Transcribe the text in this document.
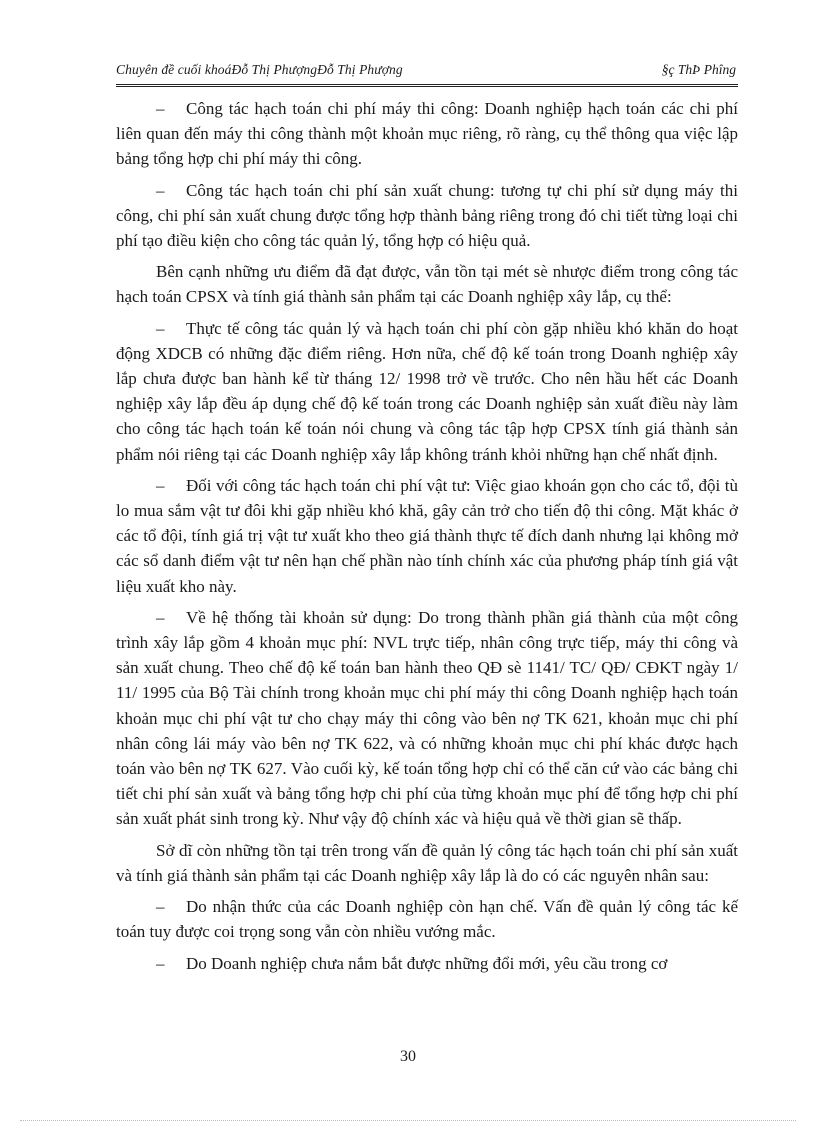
Chuyên đề cuối khoáĐỗ Thị PhượngĐỗ Thị Phượng	§ç ThÞ Phîng

– Công tác hạch toán chi phí máy thi công: Doanh nghiệp hạch toán các chi phí liên quan đến máy thi công thành một khoản mục riêng, rõ ràng, cụ thể thông qua việc lập bảng tổng hợp chi phí máy thi công.

– Công tác hạch toán chi phí sản xuất chung: tương tự chi phí sử dụng máy thi công, chi phí sản xuất chung được tổng hợp thành bảng riêng trong đó chi tiết từng loại chi phí tạo điều kiện cho công tác quản lý, tổng hợp có hiệu quả.

Bên cạnh những ưu điểm đã đạt được, vẫn tồn tại mét sè nhược điểm trong công tác hạch toán CPSX và tính giá thành sản phẩm tại các Doanh nghiệp xây lắp, cụ thể:

– Thực tế công tác quản lý và hạch toán chi phí còn gặp nhiều khó khăn do hoạt động XDCB có những đặc điểm riêng. Hơn nữa, chế độ kế toán trong Doanh nghiệp xây lắp chưa được ban hành kể từ tháng 12/ 1998 trở về trước. Cho nên hầu hết các Doanh nghiệp xây lắp đều áp dụng chế độ kế toán trong các Doanh nghiệp sản xuất điều này làm cho công tác hạch toán kế toán nói chung và công tác tập hợp CPSX tính giá thành sản phẩm nói riêng tại các Doanh nghiệp xây lắp không tránh khỏi những hạn chế nhất định.

– Đối với công tác hạch toán chi phí vật tư: Việc giao khoán gọn cho các tổ, đội tù lo mua sắm vật tư đôi khi gặp nhiều khó khă, gây cản trở cho tiến độ thi công. Mặt khác ở các tổ đội, tính giá trị vật tư xuất kho theo giá thành thực tế đích danh nhưng lại không mở các sổ danh điểm vật tư nên hạn chế phần nào tính chính xác của phương pháp tính giá vật liệu xuất kho này.

– Về hệ thống tài khoản sử dụng: Do trong thành phần giá thành của một công trình xây lắp gồm 4 khoản mục phí: NVL trực tiếp, nhân công trực tiếp, máy thi công và sản xuất chung. Theo chế độ kế toán ban hành theo QĐ sè 1141/ TC/ QĐ/ CĐKT ngày 1/ 11/ 1995 của Bộ Tài chính trong khoản mục chi phí máy thi công Doanh nghiệp hạch toán khoản mục chi phí vật tư cho chạy máy thi công vào bên nợ TK 621, khoản mục chi phí nhân công lái máy vào bên nợ TK 622, và có những khoản mục chi phí khác được hạch toán vào bên nợ TK 627. Vào cuối kỳ, kế toán tổng hợp chỉ có thể căn cứ vào các bảng chi tiết chi phí sản xuất và bảng tổng hợp chi phí của từng khoản mục phí để tổng hợp chi phí sản xuất phát sinh trong kỳ. Như vậy độ chính xác và hiệu quả về thời gian sẽ thấp.

Sở dĩ còn những tồn tại trên trong vấn đề quản lý công tác hạch toán chi phí sản xuất và tính giá thành sản phẩm tại các Doanh nghiệp xây lắp là do có các nguyên nhân sau:

– Do nhận thức của các Doanh nghiệp còn hạn chế. Vấn đề quản lý công tác kế toán tuy được coi trọng song vẫn còn nhiều vướng mắc.

– Do Doanh nghiệp chưa nắm bắt được những đổi mới, yêu cầu trong cơ

30
